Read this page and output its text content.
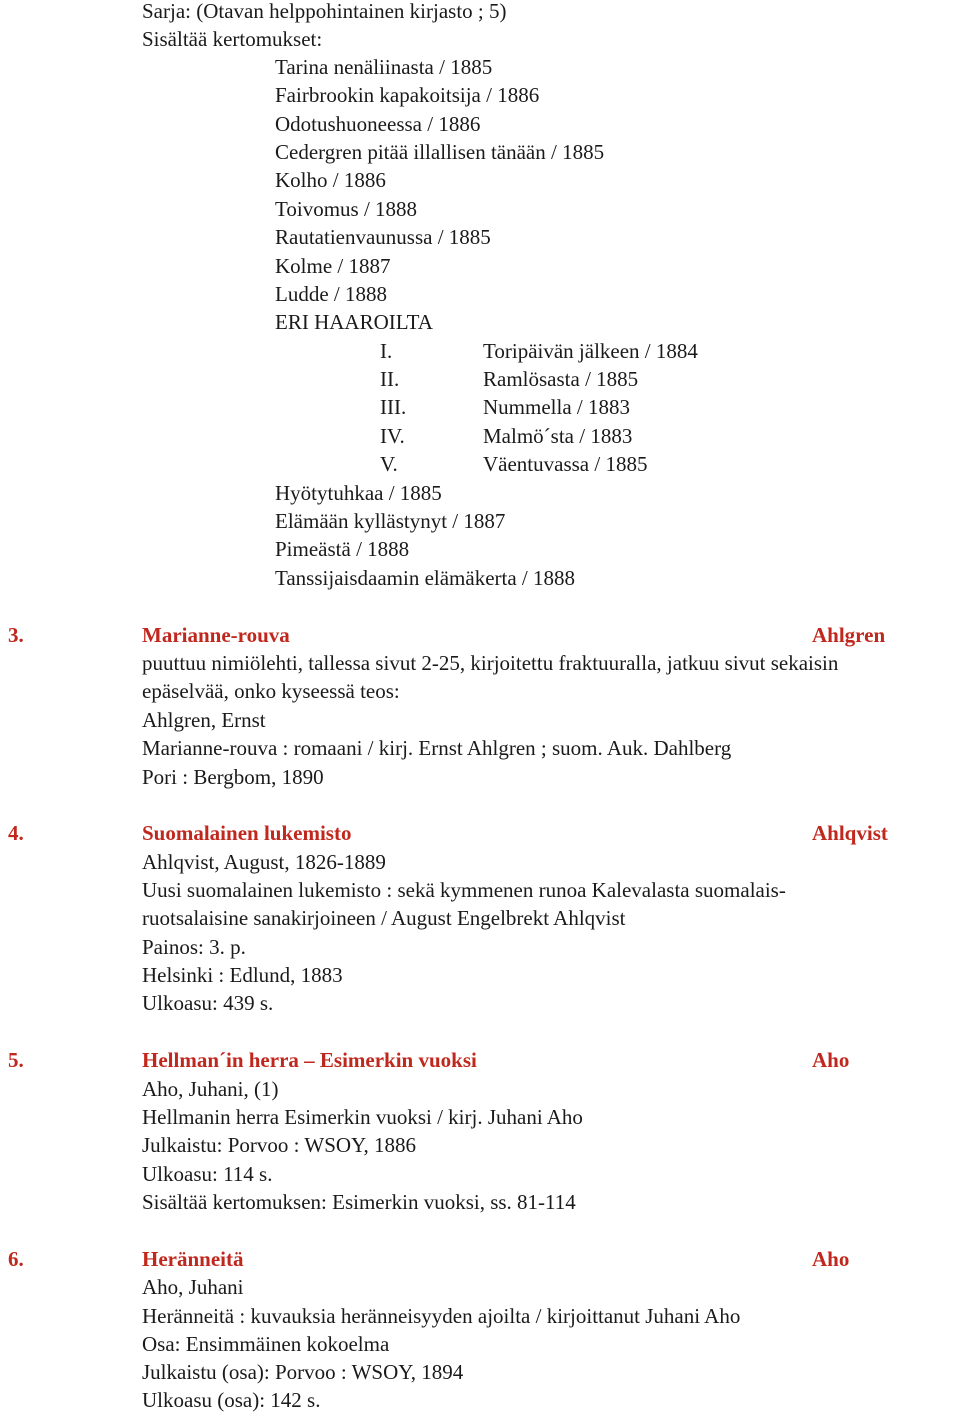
Sarja: (Otavan helppohintainen kirjasto ; 5)
Sisältää kertomukset:
Tarina nenäliinasta / 1885
Fairbrookin kapakoitsija / 1886
Odotushuoneessa / 1886
Cedergren pitää illallisen tänään / 1885
Kolho / 1886
Toivomus / 1888
Rautatienvaunussa / 1885
Kolme / 1887
Ludde / 1888
ERI HAAROILTA
I.	Toripäivän jälkeen / 1884
II.	Ramlösasta / 1885
III.	Nummella / 1883
IV.	Malmö´sta / 1883
V.	Väentuvassa / 1885
Hyötytuhkaa / 1885
Elämään kyllästynyt / 1887
Pimeästä / 1888
Tanssijaisdaamin elämäkerta / 1888
3.	Marianne-rouva	Ahlgren
puuttuu nimiölehti, tallessa sivut 2-25, kirjoitettu fraktuuralla, jatkuu sivut sekaisin
epäselvää, onko kyseessä teos:
Ahlgren, Ernst
Marianne-rouva : romaani / kirj. Ernst Ahlgren ; suom. Auk. Dahlberg
Pori : Bergbom, 1890
4.	Suomalainen lukemisto	Ahlqvist
Ahlqvist, August, 1826-1889
Uusi suomalainen lukemisto : sekä kymmenen runoa Kalevalasta suomalais-
ruotsalaisine sanakirjoineen / August Engelbrekt Ahlqvist
Painos: 3. p.
Helsinki : Edlund, 1883
Ulkoasu: 439 s.
5.	Hellman´in herra – Esimerkin vuoksi	Aho
Aho, Juhani, (1)
Hellmanin herra Esimerkin vuoksi / kirj. Juhani Aho
Julkaistu: Porvoo : WSOY, 1886
Ulkoasu: 114 s.
Sisältää kertomuksen: Esimerkin vuoksi, ss. 81-114
6.	Heränneitä	Aho
Aho, Juhani
Heränneitä : kuvauksia heränneisyyden ajoilta / kirjoittanut Juhani Aho
Osa: Ensimmäinen kokoelma
Julkaistu (osa): Porvoo : WSOY, 1894
Ulkoasu (osa): 142 s.
